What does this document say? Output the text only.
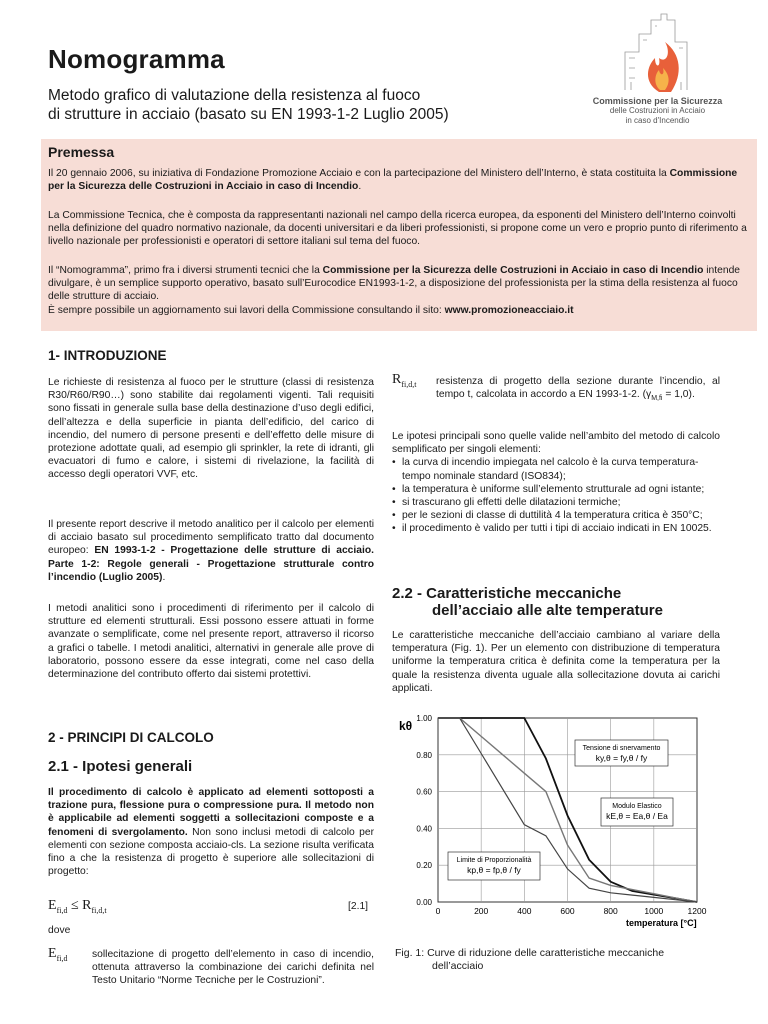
Nomogramma
Metodo grafico di valutazione della resistenza al fuoco
di strutture in acciaio (basato su EN 1993-1-2 Luglio 2005)
Commissione per la Sicurezza
delle Costruzioni in Acciaio
in caso d'Incendio
Premessa

Il 20 gennaio 2006, su iniziativa di Fondazione Promozione Acciaio e con la partecipazione del Ministero dell’Interno, è stata costituita la Commissione per la Sicurezza delle Costruzioni in Acciaio in caso di Incendio.

La Commissione Tecnica, che è composta da rappresentanti nazionali nel campo della ricerca europea, da esponenti del Ministero dell’Interno coinvolti nella definizione del quadro normativo nazionale, da docenti universitari e da liberi professionisti, si propone come un vero e proprio punto di riferimento a livello nazionale per professionisti e operatori di settore italiani sul tema del fuoco.

Il “Nomogramma”, primo fra i diversi strumenti tecnici che la Commissione per la Sicurezza delle Costruzioni in Acciaio in caso di Incendio intende divulgare, è un semplice supporto operativo, basato sull’Eurocodice EN1993-1-2, a disposizione del professionista per la stima della resistenza al fuoco delle strutture di acciaio.
È sempre possibile un aggiornamento sui lavori della Commissione consultando il sito: www.promozioneacciaio.it

1- INTRODUZIONE
Le richieste di resistenza al fuoco per le strutture (classi di resistenza R30/R60/R90…) sono stabilite dai regolamenti vigenti. Tali requisiti sono fissati in generale sulla base della destinazione d’uso degli edifici, dell’altezza e della superficie in pianta dell’edificio, del carico di incendio, del numero di persone presenti e dell’effetto delle misure di protezione adottate quali, ad esempio gli sprinkler, la rete di idranti, gli evacuatori di fumo e calore, i sistemi di rivelazione, la facilità di accesso degli operatori VVF, etc.
Il presente report descrive il metodo analitico per il calcolo per elementi di acciaio basato sul procedimento semplificato tratto dal documento europeo: EN 1993-1-2 - Progettazione delle strutture di acciaio. Parte 1-2: Regole generali - Progettazione strutturale contro l’incendio (Luglio 2005).
I metodi analitici sono i procedimenti di riferimento per il calcolo di strutture ed elementi strutturali. Essi possono essere attuati in forme avanzate o semplificate, come nel presente report, attraverso il ricorso a grafici o tabelle. I metodi analitici, alternativi in generale alle prove di laboratorio, possono essere da esse integrati, come nel caso della determinazione del contributo offerto dai sistemi protettivi.
2 - PRINCIPI DI CALCOLO
2.1 - Ipotesi generali
Il procedimento di calcolo è applicato ad elementi sottoposti a trazione pura, flessione pura o compressione pura. Il metodo non è applicabile ad elementi soggetti a sollecitazioni composte e a fenomeni di svergolamento. Non sono inclusi metodi di calcolo per elementi con sezione composta acciaio-cls. La sezione risulta verificata fino a che la resistenza di progetto è superiore alle sollecitazioni di progetto:
$E_{fi,d} \le R_{fi,d,t}$	[2.1]
dove
$E_{fi,d}$ sollecitazione di progetto dell’elemento in caso di incendio, ottenuta attraverso la combinazione dei carichi definita nel Testo Unitario “Norme Tecniche per le Costruzioni”.
$R_{fi,d,t}$ resistenza di progetto della sezione durante l’incendio, al tempo t, calcolata in accordo a EN 1993-1-2. $(\gamma_{M,fi} = 1,0)$.
Le ipotesi principali sono quelle valide nell’ambito del metodo di calcolo semplificato per singoli elementi:
• la curva di incendio impiegata nel calcolo è la curva temperatura-tempo nominale standard (ISO834);
• la temperatura è uniforme sull’elemento strutturale ad ogni istante;
• si trascurano gli effetti delle dilatazioni termiche;
• per le sezioni di classe di duttilità 4 la temperatura critica è 350°C;
• il procedimento è valido per tutti i tipi di acciaio indicati in EN 10025.
2.2 - Caratteristiche meccaniche
dell’acciaio alle alte temperature
Le caratteristiche meccaniche dell’acciaio cambiano al variare della temperatura (Fig. 1). Per un elemento con distribuzione di temperatura uniforme la temperatura critica è definita come la temperatura per la quale la resistenza diventa uguale alla sollecitazione dovuta ai carichi applicati.
0	200	400	600	800	1000	1200
0.00
0.20
0.40
0.60
0.80
1.00
kθ
temperatura [°C]
Tensione di snervamento
ky,θ = fy,θ / fy
Modulo Elastico
kE,θ = Ea,θ / Ea
Limite di Proporzionalità
kp,θ = fp,θ / fy
Fig. 1: Curve di riduzione delle caratteristiche meccaniche
dell’acciaio
